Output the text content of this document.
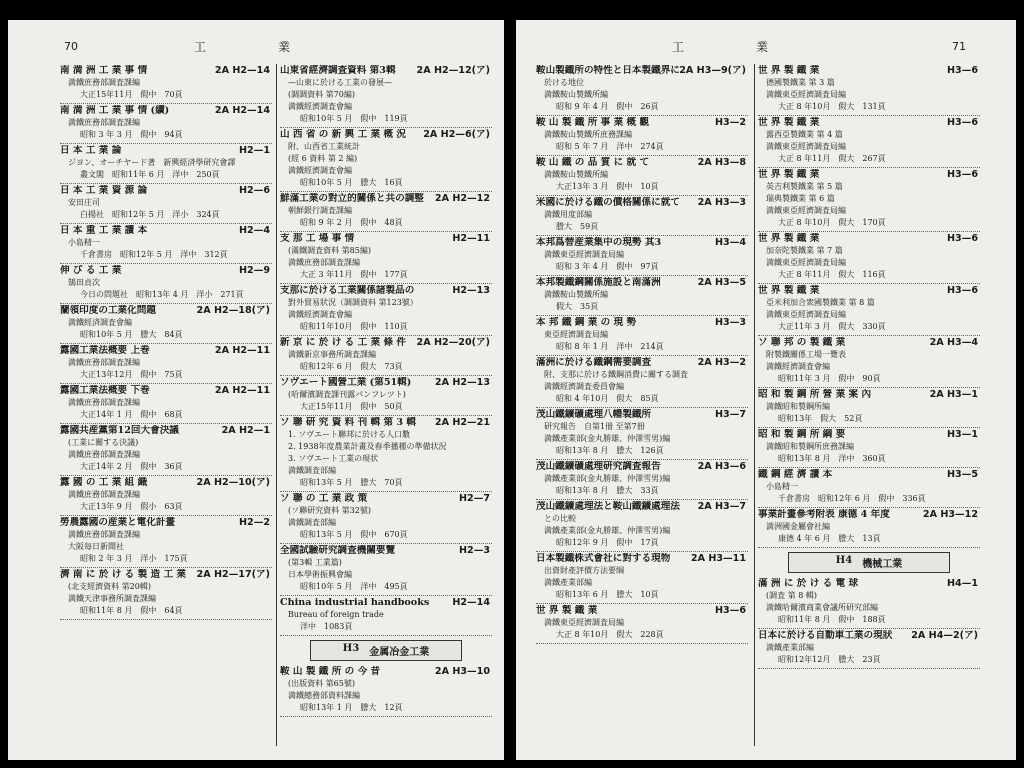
70	工　　　　　　業
南 満 洲 工 業 事 情	2A H2—14
満鐵庶務部調査課編
大正15年11月　假中　70頁
南 満 洲 工 業 事 情 (續)	2A H2—14
満鐵庶務部調査課編
昭和 3 年 3 月　假中　94頁
日 本 工 業 論	H2—1
ジヨン、オーチヤード著　新興經済學研究會譯
叢文閣　昭和11年 6 月　洋中　250頁
日 本 工 業 資 源 論	H2—6
安田庄司
白揚社　昭和12年 5 月　洋小　324頁
日 本 重 工 業 讀 本	H2—4
小島精一
千倉書房　昭和12年 5 月　洋中　312頁
伸 び る 工 業	H2—9
鵠田貞次
今日の問題社　昭和13年 4 月　洋小　271頁
蘭領印度の工業化問題	2A H2—18(ア)
満鐵經済調査會編
昭和10年 5 月　謄大　84頁
露國工業法概要 上巻	2A H2—11
満鐵庶務部調査課編
大正13年12月　假中　75頁
露國工業法概要 下巻	2A H2—11
満鐵庶務部調査課編
大正14年 1 月　假中　68頁
露國共産黨第12回大會決議	2A H2—1
(工業に關する決議)
満鐵庶務部調査課編
大正14年 2 月　假中　36頁
露 國 の 工 業 組 織	2A H2—10(ア)
満鐵庶務部調査課編
大正13年 9 月　假小　63頁
勞農露國の産業と電化計畫	H2—2
満鐵庶務部調査課編
大阪毎日新聞社
昭和 2 年 3 月　洋小　175頁
濟 南 に 於 け る 製 造 工 業	2A H2—17(ア)
(北支經濟資料 第20輯)
満鐵天津事務所調査課編
昭和11年 8 月　假中　64頁
山東省經濟調査資料 第3輯	2A H2—12(ア)
—山東に於ける工業の發展—
(調調資料 第70編)
満鐵經濟調査會編
昭和10年 5 月　假中　119頁
山 西 省 の 新 興 工 業 概 況	2A H2—6(ア)
附、山西省工業統計
(經 6 資料 第 2 編)
満鐵經濟調査會編
昭和10年 5 月　謄大　16頁
鮮滿工業の對立的關係と共の調整	2A H2—12
朝鮮銀行調査課編
昭和 9 年 2 月　假中　48頁
支 那 工 場 事 情	H2—11
(滿鐵調査資料 第85編)
満鐵庶務部調査課編
大正 3 年11月　假中　177頁
支那に於ける工業關係諸製品の	H2—13
對外貿易狀況（調調資料 第123號）
満鐵經濟調査會編
昭和11年10月　假中　110頁
新 京 に 於 け る 工 業 條 件	2A H2—20(ア)
満鐵新京事務所調査課編
昭和12年 6 月　假大　73頁
ソヴエート國營工業 (第51輯)	2A H2—13
(哈爾濱調査課刊露パンフレツト)
大正15年11月　假中　50頁
ソ 聯 研 究 資 料 刊 輯 第 3 輯	2A H2—21
1. ソヴエート聯邦に於ける人口數
2. 1938年度農業計畫及春季播種の準備状況
3. ソヴエート工業の現状
満鐵調査部編
昭和13年 5 月　謄大　70頁
ソ 聯 の 工 業 政 策	H2—7
(ソ聯研究資料 第32號)
満鐵調査部編
昭和13年 5 月　假中　670頁
全國試驗研究調査機關要覽	H2—3
(第3輯 工業篇)
日本學術振興會編
昭和10年 5 月　洋中　495頁
China industrial handbooks	H2—14
Bureau of foreign trade
洋中　1083頁
H3 金属冶金工業
鞍 山 製 鐵 所 の 今 昔	2A H3—10
(出版資料 第65號)
満鐵總務部資料課編
昭和13年 1 月　謄大　12頁
工　　　　　　業	71
鞍山製鐵所の特性と日本製鐵界に 2A H3—9(ア)
於ける地位
満鐵鞍山製鐵所編
昭和 9 年 4 月　假中　26頁
鞍 山 製 鐵 所 事 業 概 觀	H3—2
満鐵鞍山製鐵所庶務課編
昭和 5 年 7 月　洋中　274頁
鞍 山 鐵 の 品 質 に 就 て	2A H3—8
満鐵鞍山製鐵所編
大正13年 3 月　假中　10頁
米國に於ける鐵の價格關係に就て	2A H3—3
満鐵用度部編
謄大　59頁
本邦爲替産業集中の現勢 其3	H3—4
満鐵東亞經濟調査局編
昭和 3 年 4 月　假中　97頁
本邦製鐵鋼關係施設と南滿洲	2A H3—5
満鐵鞍山製鐵所編
假大　35頁
本 邦 鐵 鋼 業 の 現 勢	H3—3
東亞經濟調査局編
昭和 8 年 1 月　洋中　214頁
滿洲に於ける鐵鋼需要調査	2A H3—2
附、支那に於ける鐵鋼消費に關する調査
満鐵經濟調査委員會編
昭和 4 年10月　假大　85頁
茂山鐵鑛礦處理八幡製鐵所	H3—7
研究報告　自第1冊 至第7冊
満鐵產業部(金丸勝雄、仲澤雪男)編
昭和13年 8 月　謄大　126頁
茂山鐵鑛礦處理研究調査報告	2A H3—6
満鐵產業部(金丸勝雄、仲澤雪男)編
昭和13年 8 月　謄大　33頁
茂山鐵鑛處理法と鞍山鐵鑛處理法	2A H3—7
との比較
満鐵產業部(金丸勝雄、仲澤雪男)編
昭和12年 9 月　假中　17頁
日本製鐵株式會社に對する現物	2A H3—11
出資財產評價方法要綱
満鐵產業部編
昭和13年 6 月　謄大　10頁
世 界 製 鐵 業	H3—6
満鐵東亞經濟調査局編
大正 8 年10月　假大　228頁
世 界 製 鐵 業	H3—6
德國製鐵業 第 3 篇
満鐵東亞經濟調査局編
大正 8 年10月　假大　131頁
世 界 製 鐵 業	H3—6
露西亞製鐵業 第 4 篇
満鐵東亞經濟調査局編
大正 8 年11月　假大　267頁
世 界 製 鐵 業	H3—6
英吉利製鐵業 第 5 篇
瑞典製鐵業 第 6 篇
満鐵東亞經濟調査局編
大正 8 年10月　假大　170頁
世 界 製 鐵 業	H3—6
加奈陀製鐵業 第 7 篇
満鐵東亞經濟調査局編
大正 8 年11月　假大　116頁
世 界 製 鐵 業	H3—6
亞米利加合衆國製鐵業 第 8 篇
満鐵東亞經濟調査局編
大正11年 3 月　假大　330頁
ソ 聯 邦 の 製 鐵 業	2A H3—4
附製鐵關係工場一覽表
満鐵經濟調査會編
昭和11年 3 月　假中　90頁
昭 和 製 鋼 所 營 業 案 內	2A H3—1
満鐵昭和製鋼所編
昭和13年　假大　52頁
昭 和 製 鋼 所 綱 要	H3—1
満鐵昭和製鋼所庶務課編
昭和13年 8 月　洋中　360頁
鐵 鋼 經 濟 讀 本	H3—5
小島精一
千倉書房　昭和12年 6 月　假中　336頁
事業計畫參考附表 康德 4 年度	2A H3—12
満洲國金屬會社編
康德 4 年 6 月　謄大　13頁
H4 機械工業
滿 洲 に 於 け る 電 球	H4—1
(調査 第 8 輯)
満鐵哈爾濱商業會議所研究部編
昭和11年 8 月　假中　188頁
日本に於ける自動車工業の現狀	2A H4—2(ア)
満鐵產業部編
昭和12年12月　謄大　23頁
